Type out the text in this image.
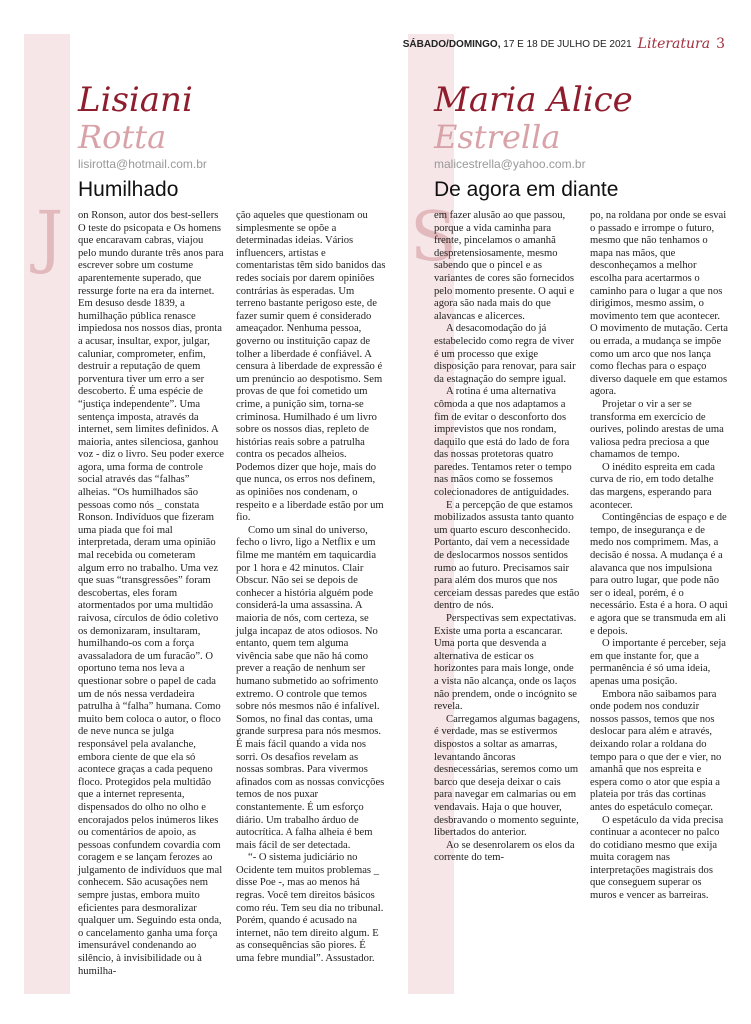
SÁBADO/DOMINGO, 17 E 18 DE JULHO DE 2021 Literatura 3
Lisiani
Rotta
lisirotta@hotmail.com.br
Humilhado
J on Ronson, autor dos best-sellers O teste do psicopata e Os homens que encaravam cabras, viajou pelo mundo durante três anos para escrever sobre um costume aparentemente superado, que ressurge forte na era da internet. Em desuso desde 1839, a humilhação pública renasce impiedosa nos nossos dias, pronta a acusar, insultar, expor, julgar, caluniar, comprometer, enfim, destruir a reputação de quem porventura tiver um erro a ser descoberto. É uma espécie de “justiça independente”. Uma sentença imposta, através da internet, sem limites definidos. A maioria, antes silenciosa, ganhou voz - diz o livro. Seu poder exerce agora, uma forma de controle social através das “falhas” alheias. “Os humilhados são pessoas como nós _ constata Ronson. Indivíduos que fizeram uma piada que foi mal interpretada, deram uma opinião mal recebida ou cometeram algum erro no trabalho. Uma vez que suas “transgressões” foram descobertas, eles foram atormentados por uma multidão raivosa, círculos de ódio coletivo os demonizaram, insultaram, humilhando-os com a força avassaladora de um furacão”. O oportuno tema nos leva a questionar sobre o papel de cada um de nós nessa verdadeira patrulha à “falha” humana. Como muito bem coloca o autor, o floco de neve nunca se julga responsável pela avalanche, embora ciente de que ela só acontece graças a cada pequeno floco. Protegidos pela multidão que a internet representa, dispensados do olho no olho e encorajados pelos inúmeros likes ou comentários de apoio, as pessoas confundem covardia com coragem e se lançam ferozes ao julgamento de indivíduos que mal conhecem. São acusações nem sempre justas, embora muito eficientes para desmoralizar qualquer um. Seguindo esta onda, o cancelamento ganha uma força imensurável condenando ao silêncio, à invisibilidade ou à humilha-

ção aqueles que questionam ou simplesmente se opõe a determinadas ideias. Vários influencers, artistas e comentaristas têm sido banidos das redes sociais por darem opiniões contrárias às esperadas. Um terreno bastante perigoso este, de fazer sumir quem é considerado ameaçador. Nenhuma pessoa, governo ou instituição capaz de tolher a liberdade é confiável. A censura à liberdade de expressão é um prenúncio ao despotismo. Sem provas de que foi cometido um crime, a punição sim, torna-se criminosa. Humilhado é um livro sobre os nossos dias, repleto de histórias reais sobre a patrulha contra os pecados alheios. Podemos dizer que hoje, mais do que nunca, os erros nos definem, as opiniões nos condenam, o respeito e a liberdade estão por um fio.

Como um sinal do universo, fecho o livro, ligo a Netflix e um filme me mantém em taquicardia por 1 hora e 42 minutos. Clair Obscur. Não sei se depois de conhecer a história alguém pode considerá-la uma assassina. A maioria de nós, com certeza, se julga incapaz de atos odiosos. No entanto, quem tem alguma vivência sabe que não há como prever a reação de nenhum ser humano submetido ao sofrimento extremo. O controle que temos sobre nós mesmos não é infalível. Somos, no final das contas, uma grande surpresa para nós mesmos. É mais fácil quando a vida nos sorri. Os desafios revelam as nossas sombras. Para vivermos afinados com as nossas convicções temos de nos puxar constantemente. É um esforço diário. Um trabalho árduo de autocrítica. A falha alheia é bem mais fácil de ser detectada.

“- O sistema judiciário no Ocidente tem muitos problemas _ disse Poe -, mas ao menos há regras. Você tem direitos básicos como réu. Tem seu dia no tribunal. Porém, quando é acusado na internet, não tem direito algum. E as consequências são piores. É uma febre mundial”. Assustador.

Maria Alice
Estrella
malicestrella@yahoo.com.br
De agora em diante
S

em fazer alusão ao que passou, porque a vida caminha para frente, pincelamos o amanhã despretensiosamente, mesmo sabendo que o pincel e as variantes de cores são fornecidos pelo momento presente. O aqui e agora são nada mais do que alavancas e alicerces.

A desacomodação do já estabelecido como regra de viver é um processo que exige disposição para renovar, para sair da estagnação do sempre igual.

A rotina é uma alternativa cômoda a que nos adaptamos a fim de evitar o desconforto dos imprevistos que nos rondam, daquilo que está do lado de fora das nossas protetoras quatro paredes. Tentamos reter o tempo nas mãos como se fossemos colecionadores de antiguidades.

E a percepção de que estamos mobilizados assusta tanto quanto um quarto escuro desconhecido. Portanto, daí vem a necessidade de deslocarmos nossos sentidos rumo ao futuro. Precisamos sair para além dos muros que nos cerceiam dessas paredes que estão dentro de nós.

Perspectivas sem expectativas. Existe uma porta a escancarar. Uma porta que desvenda a alternativa de esticar os horizontes para mais longe, onde a vista não alcança, onde os laços não prendem, onde o incógnito se revela.

Carregamos algumas bagagens, é verdade, mas se estivermos dispostos a soltar as amarras, levantando âncoras desnecessárias, seremos como um barco que deseja deixar o cais para navegar em calmarias ou em vendavais. Haja o que houver, desbravando o momento seguinte, libertados do anterior.

Ao se desenrolarem os elos da corrente do tem-

po, na roldana por onde se esvai o passado e irrompe o futuro, mesmo que não tenhamos o mapa nas mãos, que desconheçamos a melhor escolha para acertarmos o caminho para o lugar a que nos dirigimos, mesmo assim, o movimento tem que acontecer. O movimento de mutação. Certa ou errada, a mudança se impõe como um arco que nos lança como flechas para o espaço diverso daquele em que estamos agora.

Projetar o vir a ser se transforma em exercício de ourives, polindo arestas de uma valiosa pedra preciosa a que chamamos de tempo.

O inédito espreita em cada curva de rio, em todo detalhe das margens, esperando para acontecer.

Contingências de espaço e de tempo, de insegurança e de medo nos comprimem. Mas, a decisão é nossa. A mudança é a alavanca que nos impulsiona para outro lugar, que pode não ser o ideal, porém, é o necessário. Esta é a hora. O aqui e agora que se transmuda em ali e depois.

O importante é perceber, seja em que instante for, que a permanência é só uma ideia, apenas uma posição.

Embora não saibamos para onde podem nos conduzir nossos passos, temos que nos deslocar para além e através, deixando rolar a roldana do tempo para o que der e vier, no amanhã que nos espreita e espera como o ator que espia a plateia por trás das cortinas antes do espetáculo começar.

O espetáculo da vida precisa continuar a acontecer no palco do cotidiano mesmo que exija muita coragem nas interpretações magistrais dos que conseguem superar os muros e vencer as barreiras.
